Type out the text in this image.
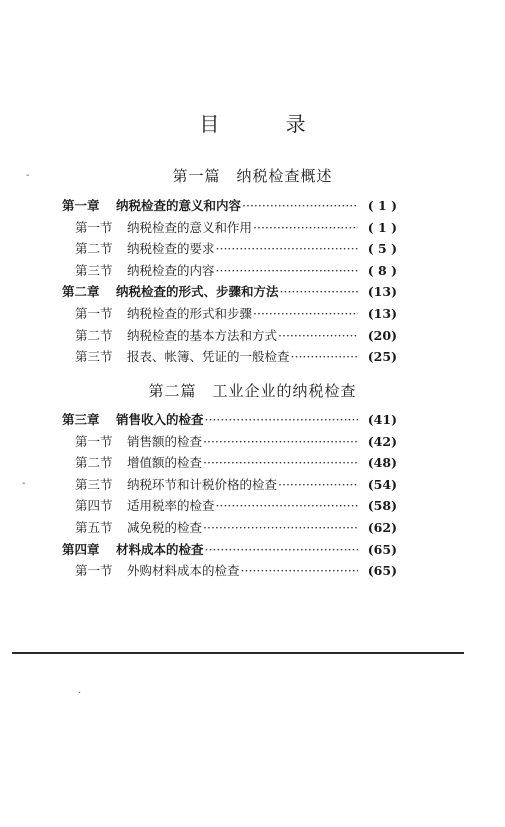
目 录
第一篇 纳税检查概述
第一章	纳税检查的意义和内容 ·····	( 1 )
第一节	纳税检查的意义和作用 ·····	( 1 )
第二节	纳税检查的要求 ·····	( 5 )
第三节	纳税检查的内容 ·····	( 8 )
第二章	纳税检查的形式、步骤和方法 ·····	(13)
第一节	纳税检查的形式和步骤 ·····	(13)
第二节	纳税检查的基本方法和方式 ·····	(20)
第三节	报表、帐簿、凭证的一般检查 ·····	(25)
第二篇 工业企业的纳税检查
第三章	销售收入的检查 ·····	(41)
第一节	销售额的检查 ·····	(42)
第二节	增值额的检查 ·····	(48)
第三节	纳税环节和计税价格的检查 ·····	(54)
第四节	适用税率的检查 ·····	(58)
第五节	减免税的检查 ·····	(62)
第四章	材料成本的检查 ·····	(65)
第一节	外购材料成本的检查 ·····	(65)
-
-
·
